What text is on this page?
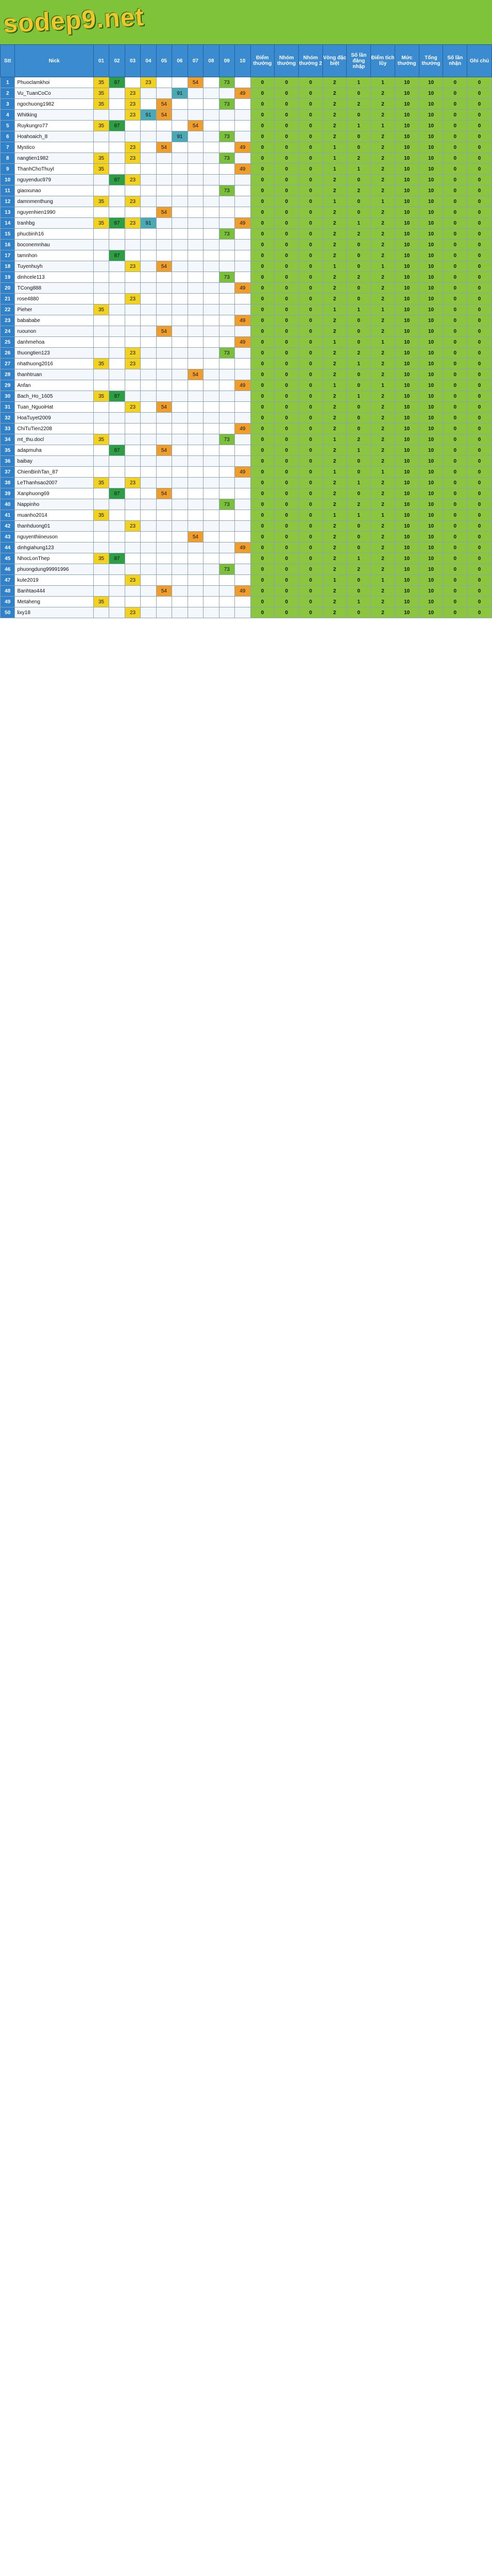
sodep9.net
Stt	Nick	01	02	03	04	05	06	07	08	09	10	Điểm thưởng	Nhóm thưởng	Nhóm thưởng 2	Vòng đặc biệt	Số lần đăng nhập	Điểm tích lũy	Mức thưởng	Tổng thưởng	Số lần nhận	Ghi chú
1	Phuoclamkhoi	35	87		23			54		73		0	0	0	2	1	1	10	10	0	0
2	Vu_TuanCoCo	35		23			91				49	0	0	0	2	0	2	10	10	0	0
3	ngochuong1982	35		23		54				73		0	0	0	2	2	2	10	10	0	0
4	Whitking			23	91	54						0	0	0	2	0	2	10	10	0	0
5	Ruykungro77	35	87					54				0	0	0	2	1	1	10	10	0	0
6	Hoahoaich_8						91			73		0	0	0	2	0	2	10	10	0	0
7	Mystico			23		54					49	0	0	0	1	0	2	10	10	0	0
8	nangtien1982	35		23						73		0	0	0	1	2	2	10	10	0	0
9	ThanhChoThuyl	35									49	0	0	0	1	1	2	10	10	0	0
10	nguyenduc979		87	23								0	0	0	2	0	2	10	10	0	0
11	giaoxunao									73		0	0	0	2	2	2	10	10	0	0
12	damnmenthung	35		23								0	0	0	1	0	1	10	10	0	0
13	nguyenhien1990					54						0	0	0	2	0	2	10	10	0	0
14	tranhbg	35	87	23	91						49	0	0	0	2	1	2	10	10	0	0
15	phucbinh16									73		0	0	0	2	2	2	10	10	0	0
16	boconemnhau											0	0	0	2	0	2	10	10	0	0
17	tamnhon		87									0	0	0	2	0	2	10	10	0	0
18	Tuyenhuyh			23		54						0	0	0	1	0	1	10	10	0	0
19	dinhcele113									73		0	0	0	2	2	2	10	10	0	0
20	TCong888										49	0	0	0	2	0	2	10	10	0	0
21	rose4880			23								0	0	0	2	0	2	10	10	0	0
22	Pieher	35										0	0	0	1	1	1	10	10	0	0
23	babababe										49	0	0	0	2	0	2	10	10	0	0
24	ruounon					54						0	0	0	2	0	2	10	10	0	0
25	danhmehoa										49	0	0	0	1	0	1	10	10	0	0
26	thuongtien123			23						73		0	0	0	2	2	2	10	10	0	0
27	nhathuong2016	35		23								0	0	0	2	1	2	10	10	0	0
28	thanhtruan							54				0	0	0	2	0	2	10	10	0	0
29	Anfan										49	0	0	0	1	0	1	10	10	0	0
30	Bach_Ho_1605	35	87									0	0	0	2	1	2	10	10	0	0
31	Tuan_NguoiHat			23		54						0	0	0	2	0	2	10	10	0	0
32	HoaTuyet2009											0	0	0	2	0	2	10	10	0	0
33	ChiTuTien2208										49	0	0	0	2	0	2	10	10	0	0
34	mt_thu.docl	35								73		0	0	0	1	2	2	10	10	0	0
35	adapmuha		87			54						0	0	0	2	1	2	10	10	0	0
36	baibay											0	0	0	2	0	2	10	10	0	0
37	ChienBinhTan_87										49	0	0	0	1	0	1	10	10	0	0
38	LeThanhsao2007	35		23								0	0	0	2	1	2	10	10	0	0
39	Xanphuong69		87			54						0	0	0	2	0	2	10	10	0	0
40	Nappinho									73		0	0	0	2	2	2	10	10	0	0
41	muanho2014	35										0	0	0	1	1	1	10	10	0	0
42	thanhduong01			23								0	0	0	2	0	2	10	10	0	0
43	nguyenthiineuson							54				0	0	0	2	0	2	10	10	0	0
44	dinhgiahung123										49	0	0	0	2	0	2	10	10	0	0
45	NhocLonThep	35	87									0	0	0	2	1	2	10	10	0	0
46	phuongdung99991996									73		0	0	0	2	2	2	10	10	0	0
47	kute2019			23								0	0	0	1	0	1	10	10	0	0
48	Banhtao444					54					49	0	0	0	2	0	2	10	10	0	0
49	Metaheng	35										0	0	0	2	1	2	10	10	0	0
50	lixy18			23								0	0	0	2	0	2	10	10	0	0
